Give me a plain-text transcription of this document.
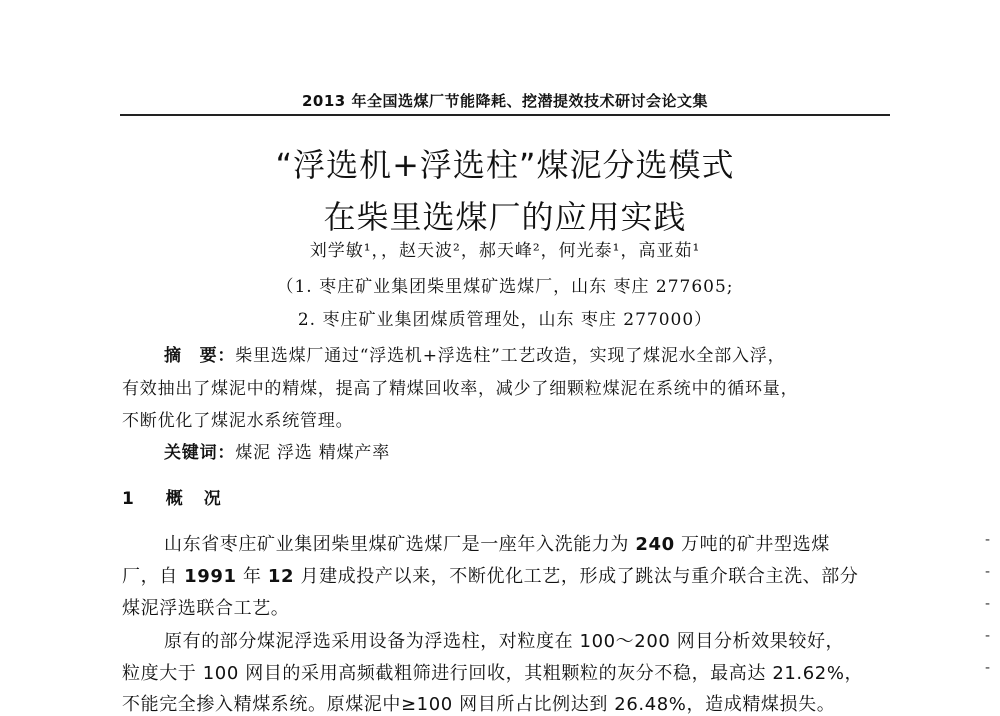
2013 年全国选煤厂节能降耗、挖潜提效技术研讨会论文集
“浮选机+浮选柱”煤泥分选模式
在柴里选煤厂的应用实践
刘学敏¹，，赵天波²，郝天峰²，何光泰¹，高亚茹¹
（1. 枣庄矿业集团柴里煤矿选煤厂，山东 枣庄 277605;
2. 枣庄矿业集团煤质管理处，山东 枣庄 277000）
摘　要：柴里选煤厂通过“浮选机+浮选柱”工艺改造，实现了煤泥水全部入浮，
有效抽出了煤泥中的精煤，提高了精煤回收率，减少了细颗粒煤泥在系统中的循环量，
不断优化了煤泥水系统管理。
关键词：煤泥 浮选 精煤产率
1 概　况
山东省枣庄矿业集团柴里煤矿选煤厂是一座年入洗能力为 240 万吨的矿井型选煤
厂，自 1991 年 12 月建成投产以来，不断优化工艺，形成了跳汰与重介联合主洗、部分
煤泥浮选联合工艺。
原有的部分煤泥浮选采用设备为浮选柱，对粒度在 100～200 网目分析效果较好，
粒度大于 100 网目的采用高频截粗筛进行回收，其粗颗粒的灰分不稳，最高达 21.62%，
不能完全掺入精煤系统。原煤泥中≥100 网目所占比例达到 26.48%，造成精煤损失。
-
-
-
-
-
